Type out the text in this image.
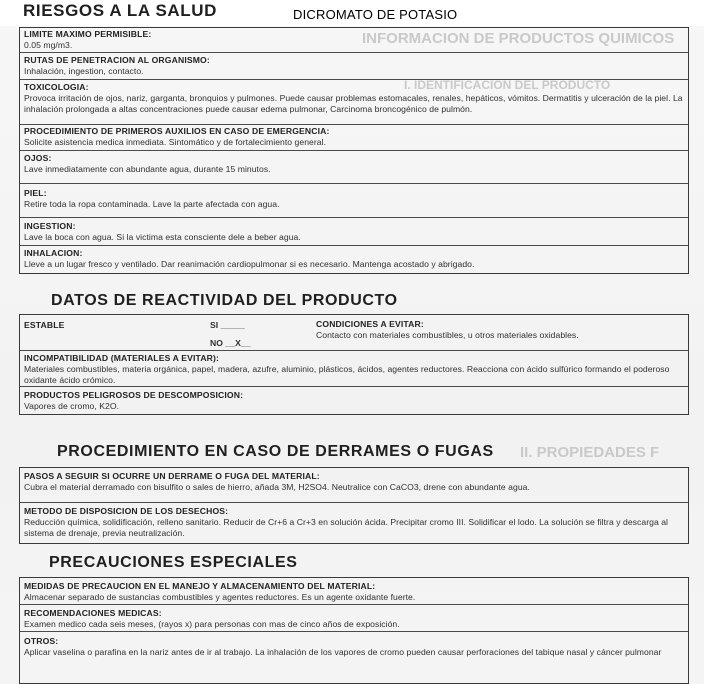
INFORMACION DE PRODUCTOS QUIMICOS
I. IDENTIFICACION DEL PRODUCTO
II. PROPIEDADES F
RIESGOS A LA SALUD	DICROMATO DE POTASIO
LIMITE MAXIMO PERMISIBLE:
0.05 mg/m3.
RUTAS DE PENETRACION AL ORGANISMO:
Inhalación, ingestion, contacto.
TOXICOLOGIA:
Provoca irritación de ojos, nariz, garganta, bronquios y pulmones. Puede causar problemas estomacales, renales, hepáticos, vómitos. Dermatitis y ulceración de la piel. La inhalación prolongada a altas concentraciones puede causar edema pulmonar, Carcinoma broncogénico de pulmón.
PROCEDIMIENTO DE PRIMEROS AUXILIOS EN CASO DE EMERGENCIA:
Solicite asistencia medica inmediata. Sintomático y de fortalecimiento general.
OJOS:
Lave inmediatamente con abundante agua, durante 15 minutos.
PIEL:
Retire toda la ropa contaminada. Lave la parte afectada con agua.
INGESTION:
Lave la boca con agua. Si la victima esta consciente dele a beber agua.
INHALACION:
Lleve a un lugar fresco y ventilado. Dar reanimación cardiopulmonar si es necesario. Mantenga acostado y abrigado.
DATOS DE REACTIVIDAD DEL PRODUCTO
ESTABLE	SI _____
NO __X__
CONDICIONES A EVITAR:
Contacto con materiales combustibles, u otros materiales oxidables.
INCOMPATIBILIDAD (MATERIALES A EVITAR):
Materiales combustibles, materia orgánica, papel, madera, azufre, aluminio, plásticos, ácidos, agentes reductores. Reacciona con ácido sulfúrico formando el poderoso oxidante ácido crómico.
PRODUCTOS PELIGROSOS DE DESCOMPOSICION:
Vapores de cromo, K2O.
PROCEDIMIENTO EN CASO DE DERRAMES O FUGAS
PASOS A SEGUIR SI OCURRE UN DERRAME O FUGA DEL MATERIAL:
Cubra el material derramado con bisulfito o sales de hierro, añada 3M, H2SO4. Neutralice con CaCO3, drene con abundante agua.
METODO DE DISPOSICION DE LOS DESECHOS:
Reducción química, solidificación, relleno sanitario. Reducir de Cr+6 a Cr+3 en solución ácida. Precipitar cromo III. Solidificar el lodo. La solución se filtra y descarga al sistema de drenaje, previa neutralización.
PRECAUCIONES ESPECIALES
MEDIDAS DE PRECAUCION EN EL MANEJO Y ALMACENAMIENTO DEL MATERIAL:
Almacenar separado de sustancias combustibles y agentes reductores. Es un agente oxidante fuerte.
RECOMENDACIONES MEDICAS:
Examen medico cada seis meses, (rayos x) para personas con mas de cinco años de exposición.
OTROS:
Aplicar vaselina o parafina en la nariz antes de ir al trabajo. La inhalación de los vapores de cromo pueden causar perforaciones del tabique nasal y cáncer pulmonar
